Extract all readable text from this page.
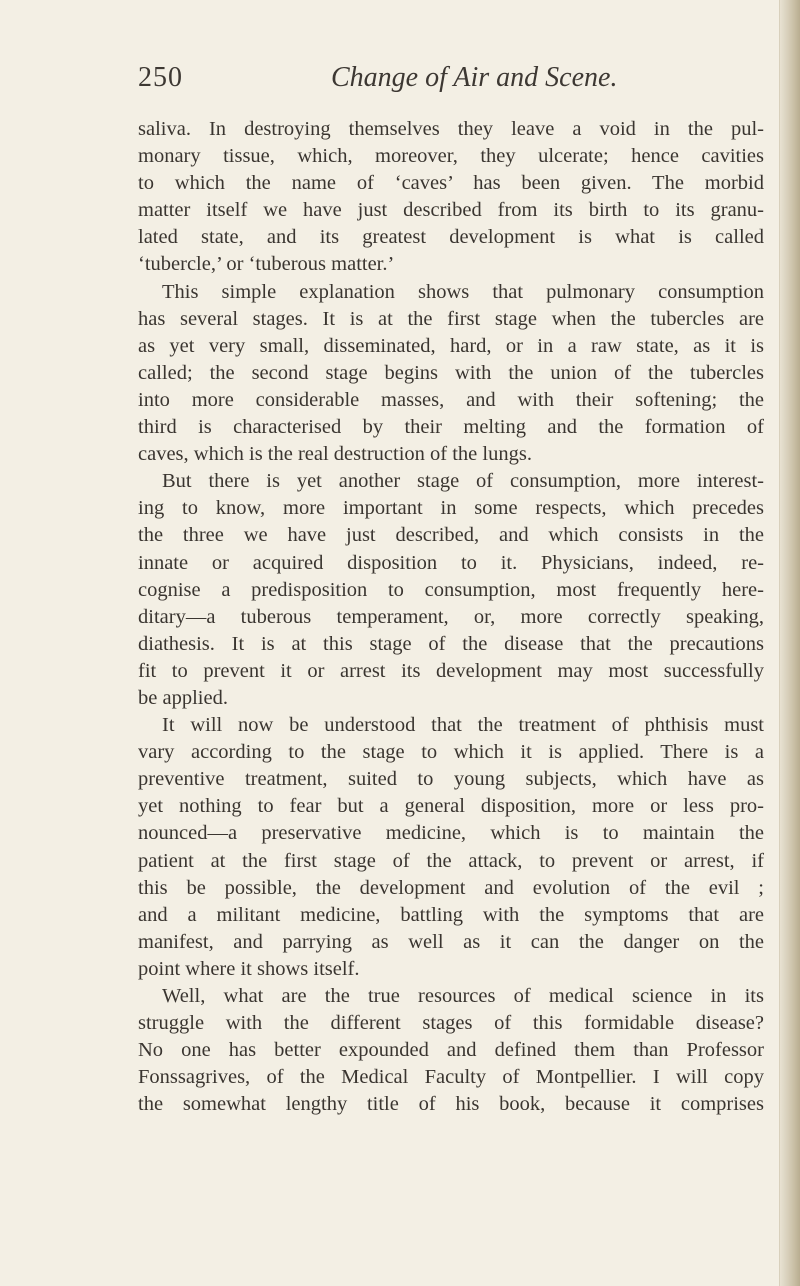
250	Change of Air and Scene.
saliva. In destroying themselves they leave a void in the pul-
monary tissue, which, moreover, they ulcerate; hence cavities
to which the name of ‘caves’ has been given. The morbid
matter itself we have just described from its birth to its granu-
lated state, and its greatest development is what is called
‘tubercle,’ or ‘tuberous matter.’
This simple explanation shows that pulmonary consumption
has several stages. It is at the first stage when the tubercles are
as yet very small, disseminated, hard, or in a raw state, as it is
called; the second stage begins with the union of the tubercles
into more considerable masses, and with their softening; the
third is characterised by their melting and the formation of
caves, which is the real destruction of the lungs.
But there is yet another stage of consumption, more interest-
ing to know, more important in some respects, which precedes
the three we have just described, and which consists in the
innate or acquired disposition to it. Physicians, indeed, re-
cognise a predisposition to consumption, most frequently here-
ditary—a tuberous temperament, or, more correctly speaking,
diathesis. It is at this stage of the disease that the precautions
fit to prevent it or arrest its development may most successfully
be applied.
It will now be understood that the treatment of phthisis must
vary according to the stage to which it is applied. There is a
preventive treatment, suited to young subjects, which have as
yet nothing to fear but a general disposition, more or less pro-
nounced—a preservative medicine, which is to maintain the
patient at the first stage of the attack, to prevent or arrest, if
this be possible, the development and evolution of the evil ;
and a militant medicine, battling with the symptoms that are
manifest, and parrying as well as it can the danger on the
point where it shows itself.
Well, what are the true resources of medical science in its
struggle with the different stages of this formidable disease?
No one has better expounded and defined them than Professor
Fonssagrives, of the Medical Faculty of Montpellier. I will copy
the somewhat lengthy title of his book, because it comprises
